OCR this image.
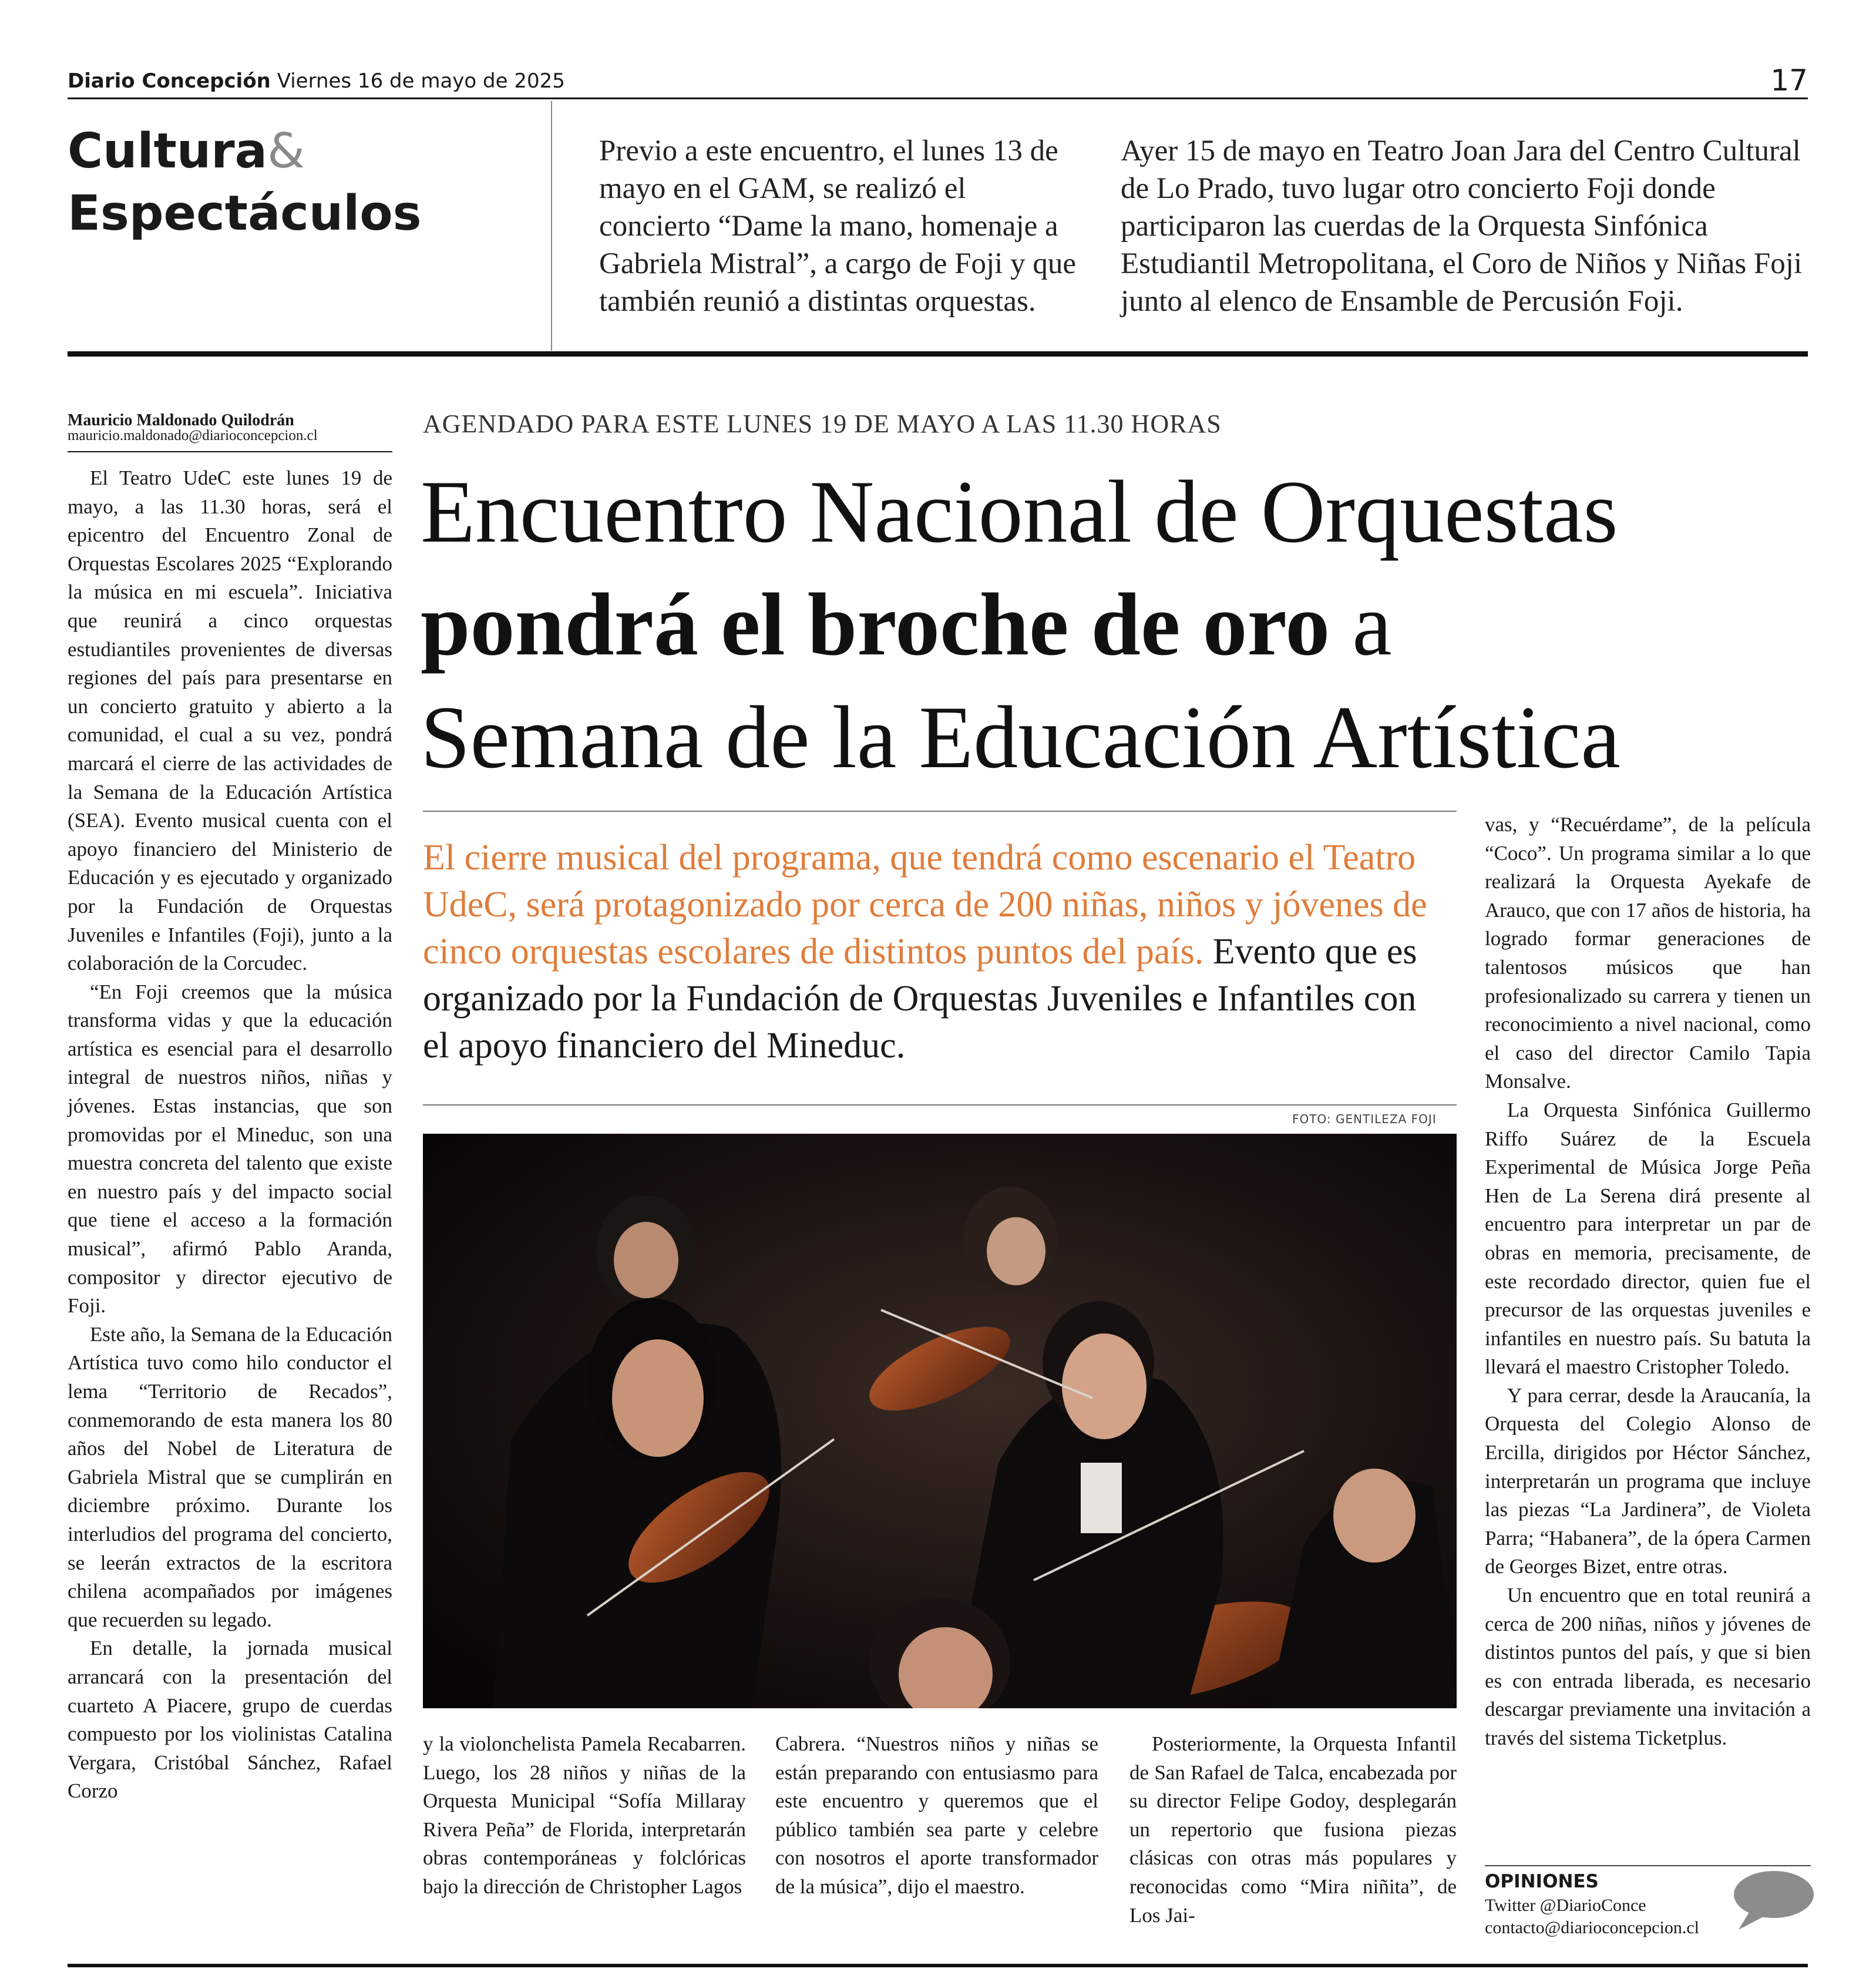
Diario Concepción Viernes 16 de mayo de 2025	17
Cultura&
Espectáculos
Previo a este encuentro, el lunes 13 de mayo en el GAM, se realizó el concierto “Dame la mano, homenaje a Gabriela Mistral”, a cargo de Foji y que también reunió a distintas orquestas.
Ayer 15 de mayo en Teatro Joan Jara del Centro Cultural de Lo Prado, tuvo lugar otro concierto Foji donde participaron las cuerdas de la Orquesta Sinfónica Estudiantil Metropolitana, el Coro de Niños y Niñas Foji junto al elenco de Ensamble de Percusión Foji.
Mauricio Maldonado Quilodrán
mauricio.maldonado@diarioconcepcion.cl	AGENDADO PARA ESTE LUNES 19 DE MAYO A LAS 11.30 HORAS
Encuentro Nacional de Orquestas
pondrá el broche de oro a
Semana de la Educación Artística
El cierre musical del programa, que tendrá como escenario el Teatro UdeC, será protagonizado por cerca de 200 niñas, niños y jóvenes de cinco orquestas escolares de distintos puntos del país. Evento que es organizado por la Fundación de Orquestas Juveniles e Infantiles con el apoyo financiero del Mineduc.
FOTO: GENTILEZA FOJI

El Teatro UdeC este lunes 19 de mayo, a las 11.30 horas, será el epicentro del Encuentro Zonal de Orquestas Escolares 2025 “Explorando la música en mi escuela”. Iniciativa que reunirá a cinco orquestas estudiantiles provenientes de diversas regiones del país para presentarse en un concierto gratuito y abierto a la comunidad, el cual a su vez, pondrá marcará el cierre de las actividades de la Semana de la Educación Artística (SEA). Evento musical cuenta con el apoyo financiero del Ministerio de Educación y es ejecutado y organizado por la Fundación de Orquestas Juveniles e Infantiles (Foji), junto a la colaboración de la Corcudec.

“En Foji creemos que la música transforma vidas y que la educación artística es esencial para el desarrollo integral de nuestros niños, niñas y jóvenes. Estas instancias, que son promovidas por el Mineduc, son una muestra concreta del talento que existe en nuestro país y del impacto social que tiene el acceso a la formación musical”, afirmó Pablo Aranda, compositor y director ejecutivo de Foji.

Este año, la Semana de la Educación Artística tuvo como hilo conductor el lema “Territorio de Recados”, conmemorando de esta manera los 80 años del Nobel de Literatura de Gabriela Mistral que se cumplirán en diciembre próximo. Durante los interludios del programa del concierto, se leerán extractos de la escritora chilena acompañados por imágenes que recuerden su legado.

En detalle, la jornada musical arrancará con la presentación del cuarteto A Piacere, grupo de cuerdas compuesto por los violinistas Catalina Vergara, Cristóbal Sánchez, Rafael Corzo

y la violonchelista Pamela Recabarren. Luego, los 28 niños y niñas de la Orquesta Municipal “Sofía Millaray Rivera Peña” de Florida, interpretarán obras contemporáneas y folclóricas bajo la dirección de Christopher Lagos

Cabrera. “Nuestros niños y niñas se están preparando con entusiasmo para este encuentro y queremos que el público también sea parte y celebre con nosotros el aporte transformador de la música”, dijo el maestro.

Posteriormente, la Orquesta Infantil de San Rafael de Talca, encabezada por su director Felipe Godoy, desplegarán un repertorio que fusiona piezas clásicas con otras más populares y reconocidas como “Mira niñita”, de Los Jai-

vas, y “Recuérdame”, de la película “Coco”. Un programa similar a lo que realizará la Orquesta Ayekafe de Arauco, que con 17 años de historia, ha logrado formar generaciones de talentosos músicos que han profesionalizado su carrera y tienen un reconocimiento a nivel nacional, como el caso del director Camilo Tapia Monsalve.

La Orquesta Sinfónica Guillermo Riffo Suárez de la Escuela Experimental de Música Jorge Peña Hen de La Serena dirá presente al encuentro para interpretar un par de obras en memoria, precisamente, de este recordado director, quien fue el precursor de las orquestas juveniles e infantiles en nuestro país. Su batuta la llevará el maestro Cristopher Toledo.

Y para cerrar, desde la Araucanía, la Orquesta del Colegio Alonso de Ercilla, dirigidos por Héctor Sánchez, interpretarán un programa que incluye las piezas “La Jardinera”, de Violeta Parra; “Habanera”, de la ópera Carmen de Georges Bizet, entre otras.

Un encuentro que en total reunirá a cerca de 200 niñas, niños y jóvenes de distintos puntos del país, y que si bien es con entrada liberada, es necesario descargar previamente una invitación a través del sistema Ticketplus.

OPINIONES
Twitter @DiarioConce
contacto@diarioconcepcion.cl
